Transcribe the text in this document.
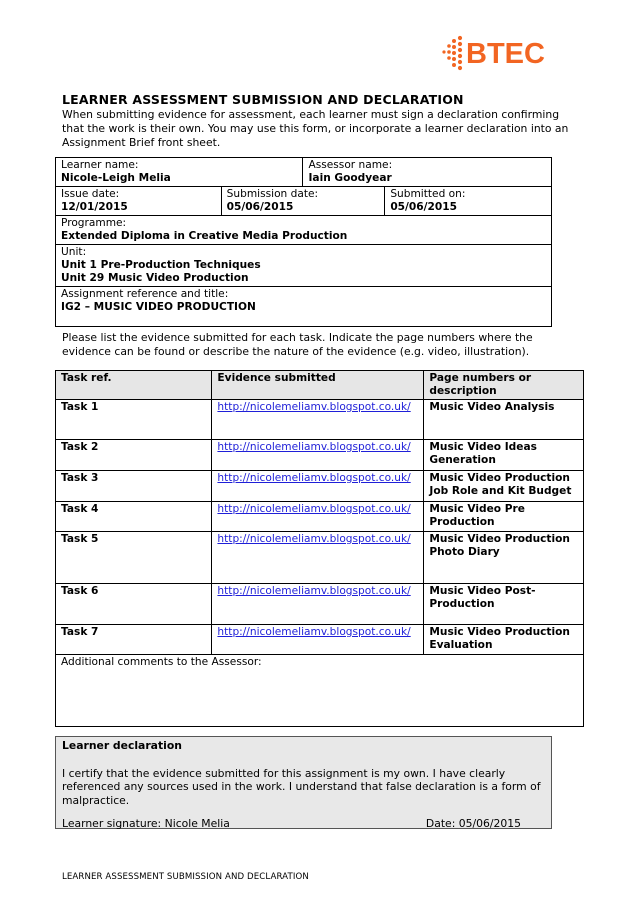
BTEC
LEARNER ASSESSMENT SUBMISSION AND DECLARATION
When submitting evidence for assessment, each learner must sign a declaration confirming that the work is their own. You may use this form, or incorporate a learner declaration into an Assignment Brief front sheet.
Learner name:
Nicole-Leigh Melia		Assessor name:
Iain Goodyear	

Issue date:
12/01/2015	Submission date:
05/06/2015		Submitted on:
05/06/2015

Programme:
Extended Diploma in Creative Media Production			

Unit:
Unit 1 Pre-Production Techniques
Unit 29 Music Video Production			

Assignment reference and title:
IG2 – MUSIC VIDEO PRODUCTION			
Please list the evidence submitted for each task. Indicate the page numbers where the evidence can be found or describe the nature of the evidence (e.g. video, illustration).
Task ref.	Evidence submitted	Page numbers or description
Task 1	http://nicolemeliamv.blogspot.co.uk/	Music Video Analysis
Task 2	http://nicolemeliamv.blogspot.co.uk/	Music Video Ideas Generation
Task 3	http://nicolemeliamv.blogspot.co.uk/	Music Video Production Job Role and Kit Budget
Task 4	http://nicolemeliamv.blogspot.co.uk/	Music Video Pre Production
Task 5	http://nicolemeliamv.blogspot.co.uk/	Music Video Production Photo Diary
Task 6	http://nicolemeliamv.blogspot.co.uk/	Music Video Post-Production
Task 7	http://nicolemeliamv.blogspot.co.uk/	Music Video Production Evaluation
Additional comments to the Assessor:		
Learner declaration
I certify that the evidence submitted for this assignment is my own. I have clearly referenced any sources used in the work. I understand that false declaration is a form of malpractice.
Learner signature: Nicole Melia	Date: 05/06/2015
LEARNER ASSESSMENT SUBMISSION AND DECLARATION
